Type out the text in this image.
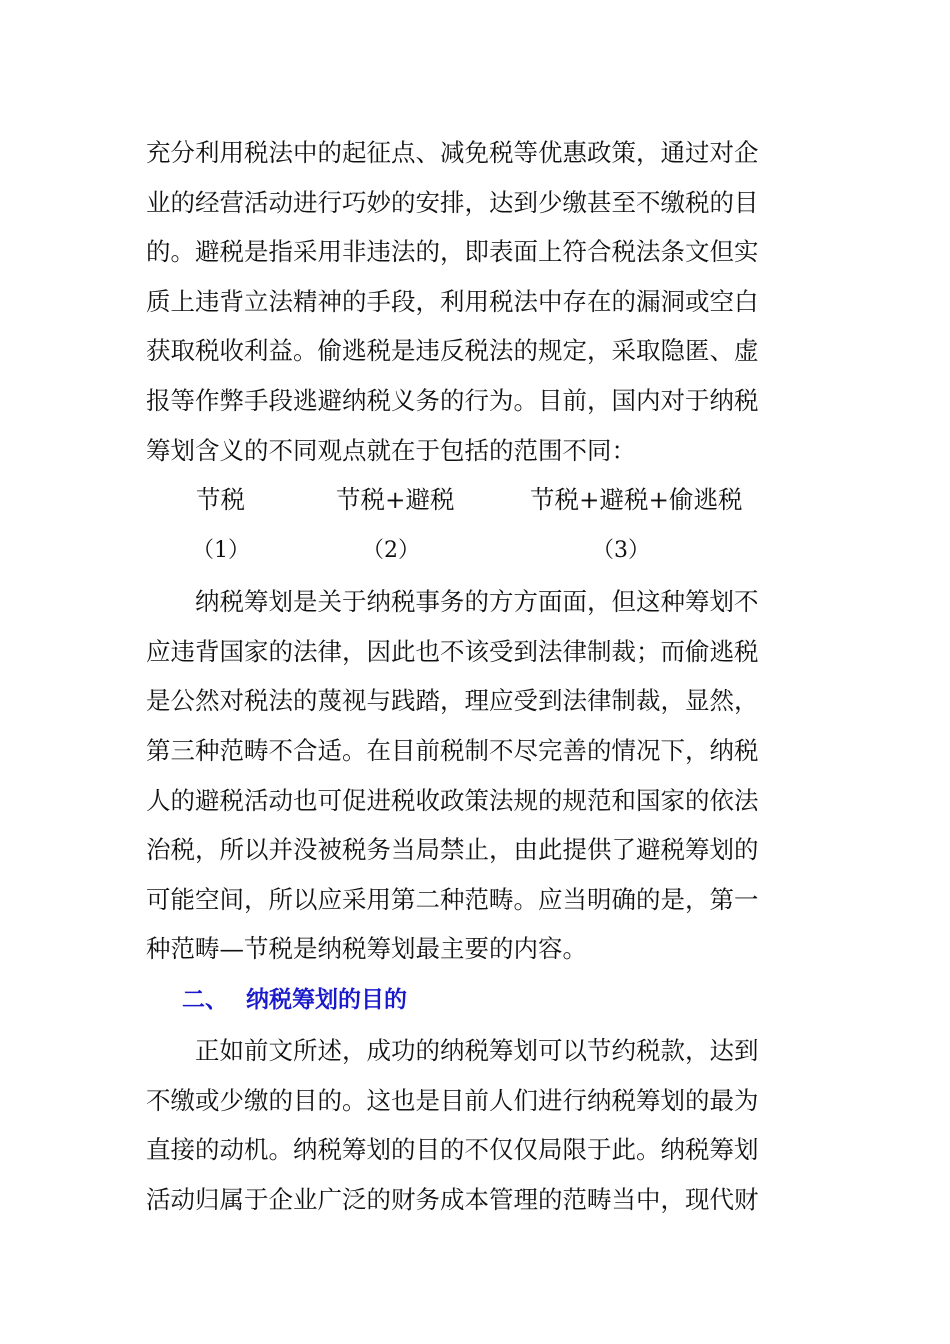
充分利用税法中的起征点、减免税等优惠政策，通过对企
业的经营活动进行巧妙的安排，达到少缴甚至不缴税的目
的。避税是指采用非违法的，即表面上符合税法条文但实
质上违背立法精神的手段，利用税法中存在的漏洞或空白
获取税收利益。偷逃税是违反税法的规定，采取隐匿、虚
报等作弊手段逃避纳税义务的行为。目前，国内对于纳税
筹划含义的不同观点就在于包括的范围不同：

节税	节税+避税	节税+避税+偷逃税
（1）	（2）	（3）

　　纳税筹划是关于纳税事务的方方面面，但这种筹划不
应违背国家的法律，因此也不该受到法律制裁；而偷逃税
是公然对税法的蔑视与践踏，理应受到法律制裁，显然，
第三种范畴不合适。在目前税制不尽完善的情况下，纳税
人的避税活动也可促进税收政策法规的规范和国家的依法
治税，所以并没被税务当局禁止，由此提供了避税筹划的
可能空间，所以应采用第二种范畴。应当明确的是，第一
种范畴—节税是纳税筹划最主要的内容。

二、 纳税筹划的目的

　　正如前文所述，成功的纳税筹划可以节约税款，达到
不缴或少缴的目的。这也是目前人们进行纳税筹划的最为
直接的动机。纳税筹划的目的不仅仅局限于此。纳税筹划
活动归属于企业广泛的财务成本管理的范畴当中，现代财
